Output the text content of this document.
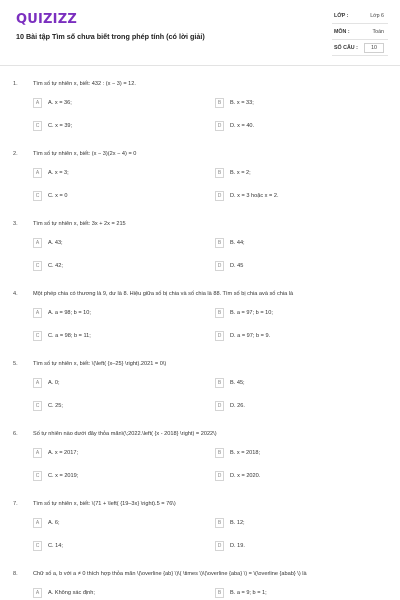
QUIZIZZ
10 Bài tập Tìm số chưa biết trong phép tính (có lời giải)
LỚP :	Lớp 6
MÔN :	Toán
SỐ CÂU :	10
1.	Tìm số tự nhiên x, biết: 432 : (x − 3) = 12.
A	A. x = 36;	B	B. x = 33;
C	C. x = 39;	D	D. x = 40.
2.	Tìm số tự nhiên x, biết: (x − 3)(2x − 4) = 0
A	A. x = 3;	B	B. x = 2;
C	C. x = 0	D	D. x = 3 hoặc x = 2.
3.	Tìm số tự nhiên x, biết: 3x + 2x = 215
A	A. 43;	B	B. 44;
C	C. 42;	D	D. 45
4.	Một phép chia có thương là 9, dư là 8. Hiệu giữa số bị chia và số chia là 88. Tìm số bị chia avà số chia là
A	A. a = 98; b = 10;	B	B. a = 97; b = 10;
C	C. a = 98; b = 11;	D	D. a = 97; b = 9.
5.	Tìm số tự nhiên x, biết: \(\left( {x–25} \right).2021 = 0\)
A	A. 0;	B	B. 45;
C	C. 25;	D	D. 26.
6.	Số tự nhiên nào dưới đây thỏa mãn\(\;2022.\left( {x - 2018} \right) = 2022\)
A	A. x = 2017;	B	B. x = 2018;
C	C. x = 2019;	D	D. x = 2020.
7.	Tìm số tự nhiên x, biết: \(71 + \left( {19–3x} \right).5 = 76\)
A	A. 6;	B	B. 12;
C	C. 14;	D	D. 19.
8.	Chữ số a, b với a ≠ 0 thích hợp thỏa mãn \(\overline {ab} \)\( \times \)\(\overline {aba} \) = \(\overline {abab} \) là
A	A. Không xác định;	B	B. a = 9; b = 1;
